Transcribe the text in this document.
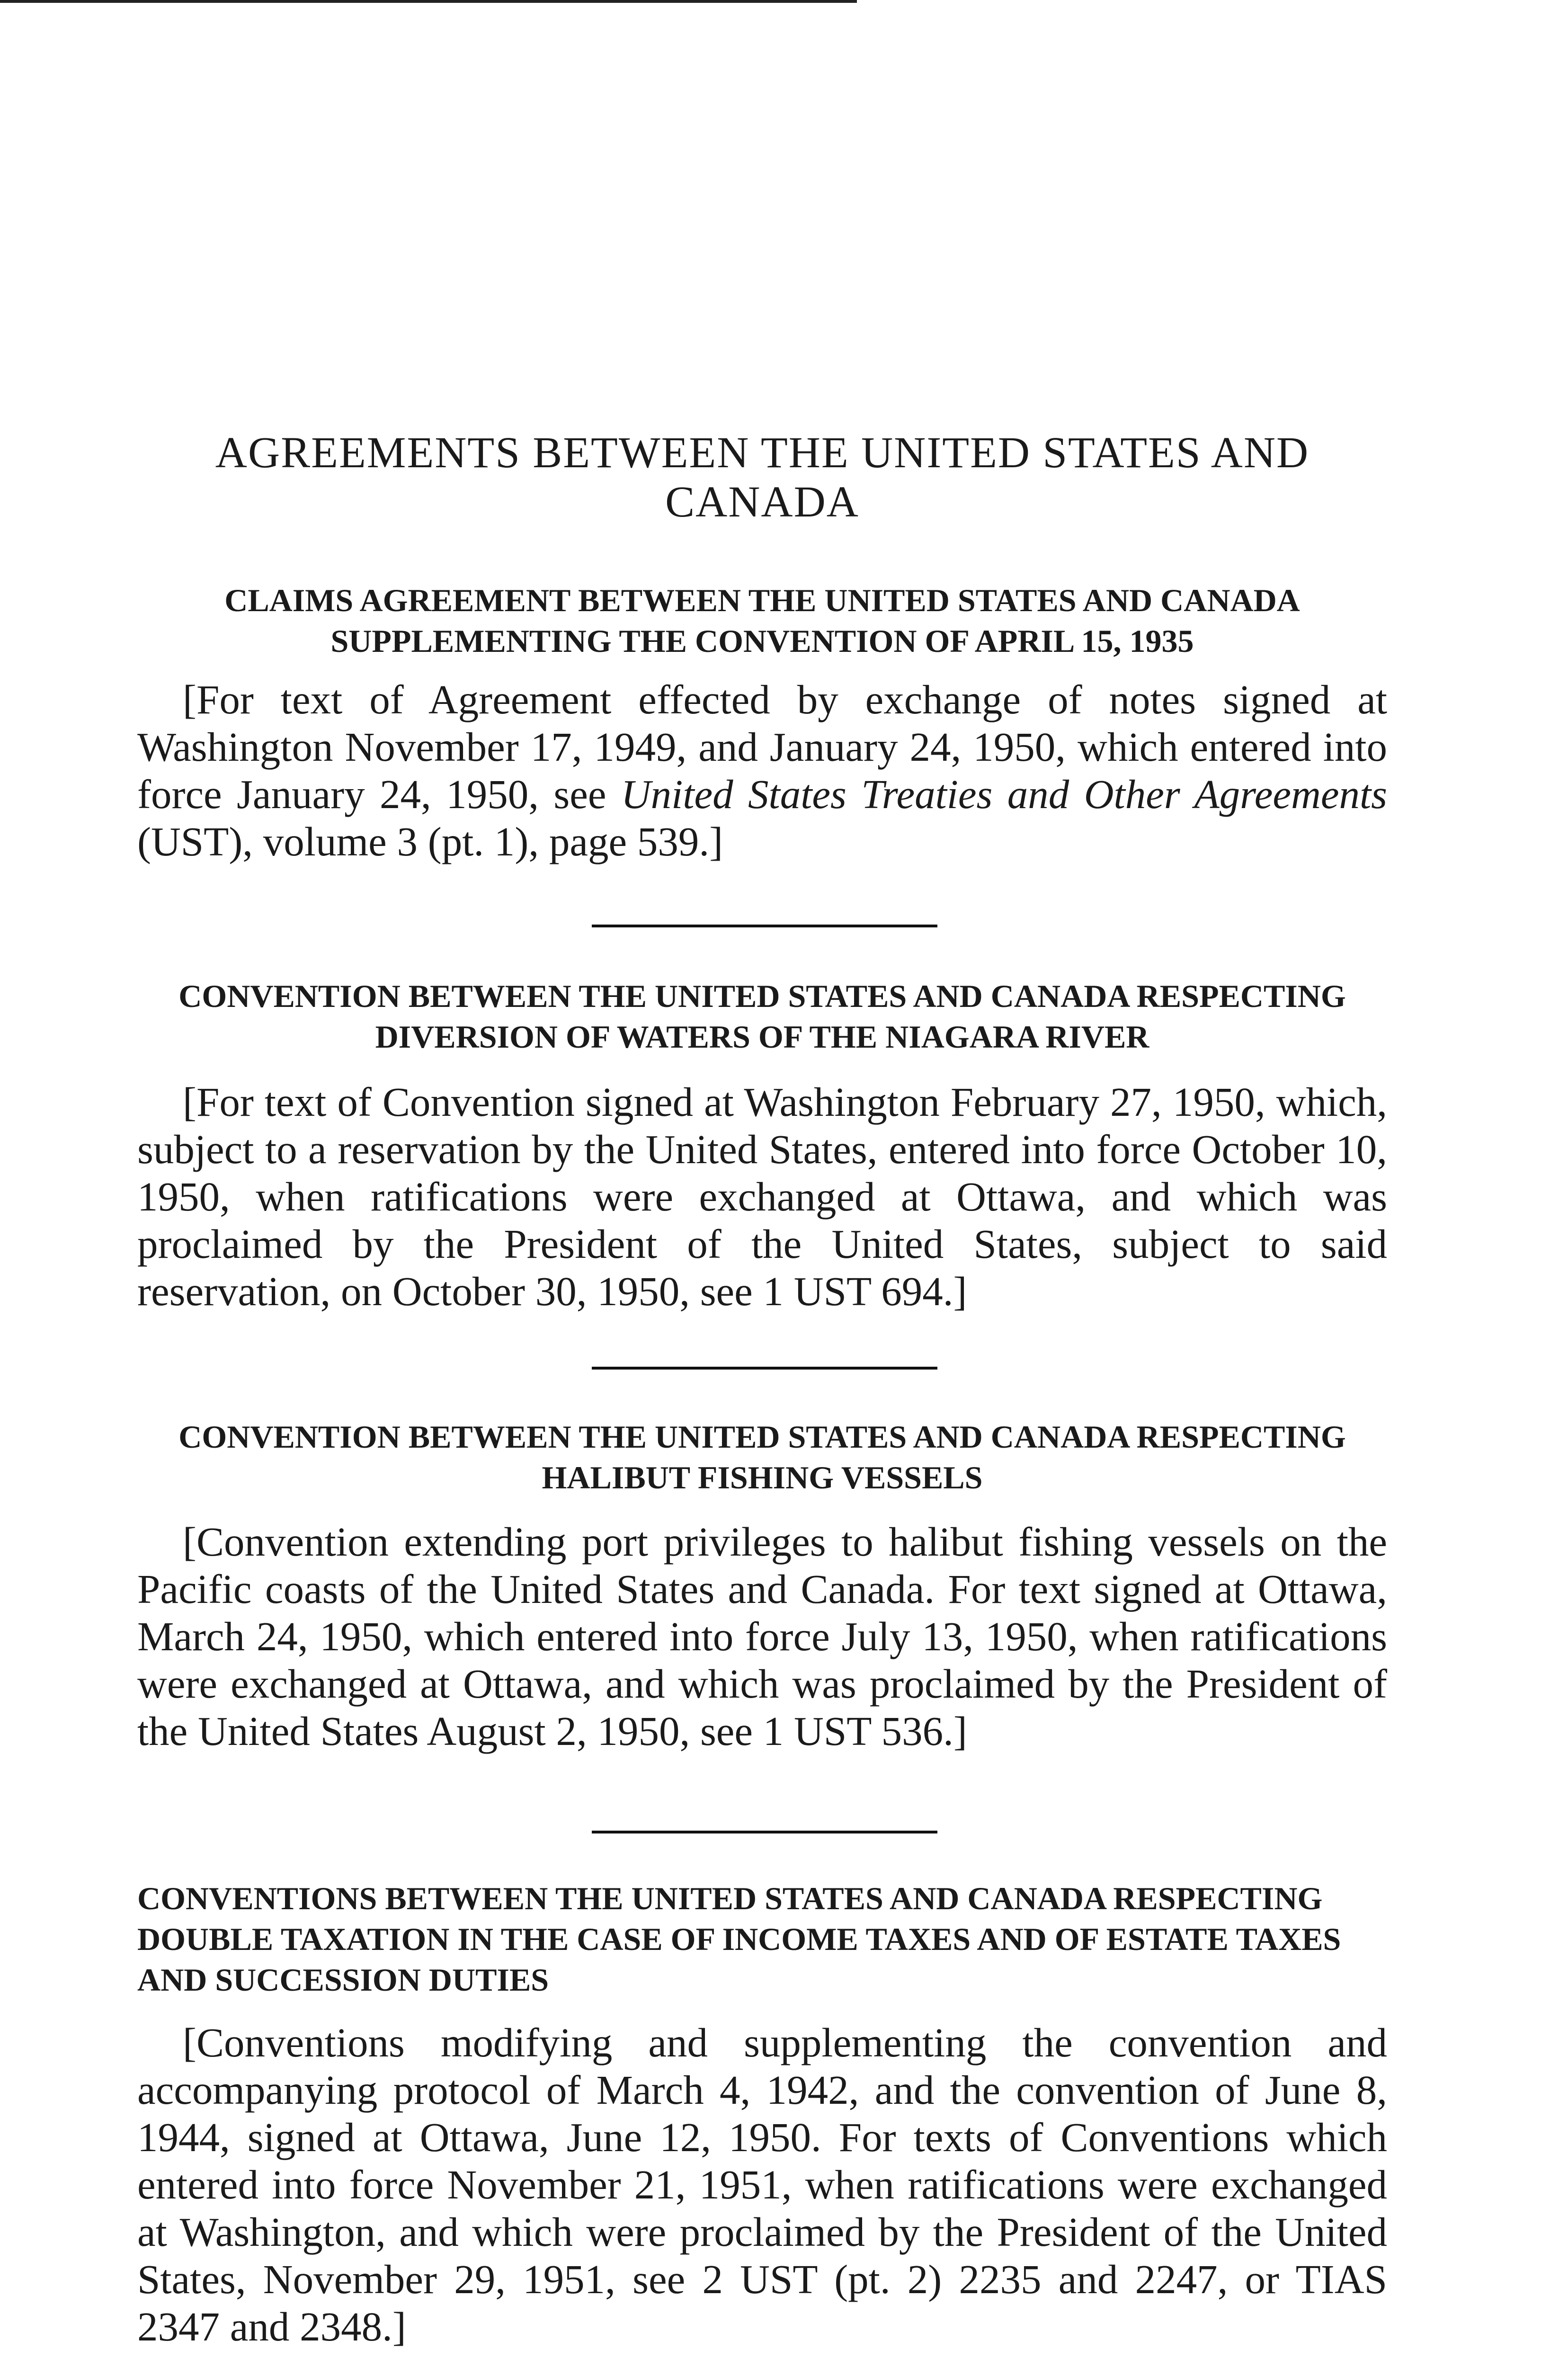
AGREEMENTS BETWEEN THE UNITED STATES AND CANADA
CLAIMS AGREEMENT BETWEEN THE UNITED STATES AND CANADA SUPPLEMENTING THE CONVENTION OF APRIL 15, 1935

[For text of Agreement effected by exchange of notes signed at Washington November 17, 1949, and January 24, 1950, which entered into force January 24, 1950, see United States Treaties and Other Agreements (UST), volume 3 (pt. 1), page 539.]

CONVENTION BETWEEN THE UNITED STATES AND CANADA RESPECTING DIVERSION OF WATERS OF THE NIAGARA RIVER

[For text of Convention signed at Washington February 27, 1950, which, subject to a reservation by the United States, entered into force October 10, 1950, when ratifications were exchanged at Ottawa, and which was proclaimed by the President of the United States, subject to said reservation, on October 30, 1950, see 1 UST 694.]

CONVENTION BETWEEN THE UNITED STATES AND CANADA RESPECTING HALIBUT FISHING VESSELS

[Convention extending port privileges to halibut fishing vessels on the Pacific coasts of the United States and Canada. For text signed at Ottawa, March 24, 1950, which entered into force July 13, 1950, when ratifications were exchanged at Ottawa, and which was proclaimed by the President of the United States August 2, 1950, see 1 UST 536.]

CONVENTIONS BETWEEN THE UNITED STATES AND CANADA RESPECTING DOUBLE TAXATION IN THE CASE OF INCOME TAXES AND OF ESTATE TAXES AND SUCCESSION DUTIES

[Conventions modifying and supplementing the convention and accompanying protocol of March 4, 1942, and the convention of June 8, 1944, signed at Ottawa, June 12, 1950. For texts of Conventions which entered into force November 21, 1951, when ratifications were exchanged at Washington, and which were proclaimed by the President of the United States, November 29, 1951, see 2 UST (pt. 2) 2235 and 2247, or TIAS 2347 and 2348.]
